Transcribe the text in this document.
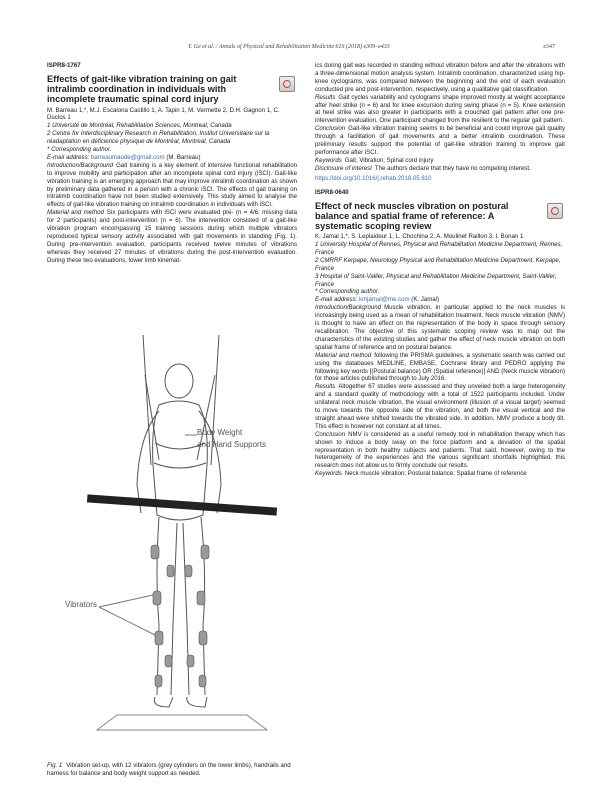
Y. Ge et al. / Annals of Physical and Rehabilitation Medicine 61S (2018) e309–e433	e347
ISPR8-1767
Effects of gait-like vibration training on gait intralimb coordination in individuals with incomplete traumatic spinal cord injury
M. Barreau 1,*, M.J. Escalona Castillo 1, A. Tapin 1, M. Vermette 2, D.H. Gagnon 1, C. Duclos 1
1 Université de Montréal, Rehabilitation Sciences, Montreal, Canada
2 Centre for Interdisciplinary Research in Rehabilitation, Institut Universitaire sur la réadaptation en déficience physique de Montréal, Montreal, Canada
* Corresponding author.
E-mail address: barreaumaude@gmail.com (M. Barreau)

Introduction/Background Gait training is a key element of intensive functional rehabilitation to improve mobility and participation after an incomplete spinal cord injury (iSCI). Gait-like vibration training is an emerging approach that may improve intralimb coordination as shown by preliminary data gathered in a person with a chronic iSCI. The effects of gait training on intralimb coordination have not been studied extensively. This study aimed to analyse the effects of gait-like vibration training on intralimb coordination in individuals with iSCI.

Material and method Six participants with iSCI were evaluated pre- (n = 4/6; missing data for 2 participants) and post-intervention (n = 6). The intervention consisted of a gait-like vibration program encompassing 15 training sessions during which multiple vibrators reproduced typical sensory activity associated with gait movements in standing (Fig. 1). During pre-intervention evaluation, participants received twelve minutes of vibrations whereas they received 27 minutes of vibrations during the post-intervention evaluation. During these two evaluations, lower limb kinemat-

Body Weight
and Hand Supports
Vibrators
Fig. 1 Vibration set-up, with 12 vibrators (grey cylinders on the lower limbs), handrails and harness for balance and body weight support as needed.

ics during gait was recorded in standing without vibration before and after the vibrations with a three-dimensional motion analysis system. Intralimb coordination, characterized using hip-knee cyclograms, was compared between the beginning and the end of each evaluation conducted pre and post-intervention, respectively, using a qualitative gait classification.

Results Gait cycles variability and cyclograms shape improved mostly at weight acceptance after heel strike (n = 6) and for knee excursion during swing phase (n = 5). Knee extension at heel strike was also greater in participants with a crouched gait pattern after one pre-intervention evaluation. One participant changed from the resilient to the regular gait pattern.

Conclusion Gait-like vibration training seems to be beneficial and could improve gait quality through a facilitation of gait movements and a better intralimb coordination. These preliminary results support the potential of gait-like vibration training to improve gait performance after iSCI.

Keywords Gait; Vibration; Spinal cord injury
Disclosure of interest The authors declare that they have no competing interest.
https://doi.org/10.1016/j.rehab.2018.05.810
ISPR8-0640
Effect of neck muscles vibration on postural balance and spatial frame of reference: A systematic scoping review
K. Jamal 1,*, S. Leplaideur 1, L. Chochina 2, A. Moulinet Raillon 3, I. Bonan 1
1 University Hospital of Rennes, Physical and Rehabilitation Medicine Department, Rennes, France
2 CMRRF Kerpape, Neurology Physical and Rehabilitation Medicine Department, Kerpape, France
3 Hospital of Saint-Vallier, Physical and Rehabilitation Medicine Department, Saint-Vallier, France
* Corresponding author.
E-mail address: kmjamal@me.com (K. Jamal)

Introduction/Background Muscle vibration, in particular applied to the neck muscles is increasingly being used as a mean of rehabilitation treatment. Neck muscle vibration (NMV) is thought to have an effect on the representation of the body in space through sensory recalibration. The objective of this systematic scoping review was to map out the characteristics of the existing studies and gather the effect of neck muscle vibration on both spatial frame of reference and on postural balance.

Material and method following the PRISMA guidelines, a systematic search was carried out using the databases MEDLINE, EMBASE, Cochrane library and PEDRO applying the following key words [(Postural balance) OR (Spatial reference)] AND (Neck muscle vibration) for those articles published through to July 2016.

Results Altogether 67 studies were assessed and they unveiled both a large heterogeneity and a standard quality of methodology with a total of 1522 participants included. Under unilateral neck muscle vibration, the visual environment (illusion of a visual target) seemed to move towards the opposite side of the vibration, and both the visual vertical and the straight ahead were shifted towards the vibrated side. In addition, NMV produce a body tilt. This effect is however not constant at all times.

Conclusion NMV is considered as a useful remedy tool in rehabilitation therapy which has shown to induce a body sway on the force platform and a deviation of the spatial representation in both healthy subjects and patients. That said, however, owing to the heterogeneity of the experiences and the various significant shortfalls highlighted, this research does not allow us to firmly conclude our results.

Keywords Neck muscle vibration; Postural balance; Spatial frame of reference
